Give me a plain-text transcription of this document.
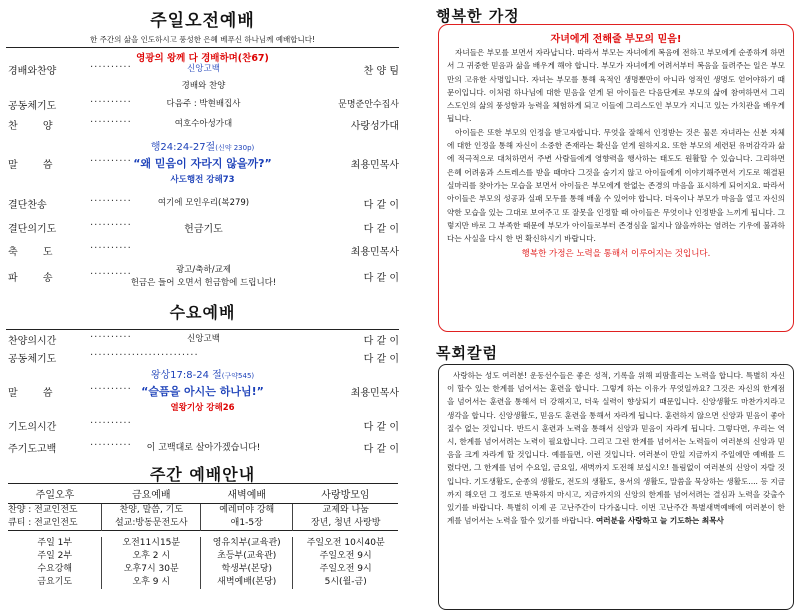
주일오전예배
한 주간의 삶을 인도하시고 풍성한 은혜 베푸신 하나님께 예배합니다!
영광의 왕께 다 경배하며(찬67)
경배와찬양	··········	신앙고백	찬 양 팀
경배와 찬양
공동체기도	··········	다음주 : 박현배집사	문명준안수집사
찬 양	··········	여호수아성가대	사랑성가대
행24:24-27절(신약 230p)
“왜 믿음이 자라지 않을까?”
사도행전 강해73
말 씀	··········	최용민목사
결단찬송	··········	여기에 모인우리(복279)	다 같 이
결단의기도	··········	헌금기도	다 같 이
축 도	··········	최용민목사
파 송	··········	광고/축하/교제
헌금은 들어 오면서 헌금함에 드립니다!	다 같 이
수요예배
찬양의시간	··········	신앙고백	다 같 이
공동체기도	··························	다 같 이
왕상17:8-24 절(구약545)
“슬픔을 아시는 하나님!”
열왕기상 강해26
말 씀	··········	최용민목사
기도의시간	··········	다 같 이
주기도고백	··········	이 고백대로 살아가겠습니다!	다 같 이
주간 예배안내
주일오후	금요예배	새벽예배	사랑방모임
찬양 : 전교인전도	찬양, 말씀, 기도	예레미야 강해	교제와 나눔
큐티 : 전교인전도	설교:방동문전도사	애1-5장	장년, 청년 사랑방

주일 1부	오전11시15분	영유치부(교육관)	주일오전 10시40분
주일 2부	오후 2 시	초등부(교육관)	주일오전 9시
수요강해	오후7시 30분	학생부(본당)	주일오전 9시
금요기도	오후 9 시	새벽예배(본당)	5시(월-금)
행복한 가정
자녀에게 전해줄 부모의 믿음!
자녀들은 부모를 보면서 자라납니다. 따라서 부모는 자녀에게 복음에 전하고 부모에게 순종하게 하면서 그 귀중한 믿음과 삶을 배우게 해야 합니다. 부모가 자녀에게 어려서부터 복음을 들려주는 일은 부모만의 고유한 사명입니다. 자녀는 부모를 통해 육적인 생명뿐만이 아니라 영적인 생명도 얻어야하기 때문이입니다. 이처럼 하나님에 대한 믿음을 얻게 된 아이들은 다음단계로 부모의 삶에 참여하면서 그리스도인의 삶의 풍성함과 능력을 체험하게 되고 이들에 그리스도인 부모가 지니고 있는 가치관을 배우게 됩니다.
아이들은 또한 부모의 인정을 받고자합니다. 무엇을 잘해서 인정받는 것은 물론 자녀라는 신분 자체에 대한 인정을 통해 자신이 소중한 존재라는 확신을 얻게 원하지요. 또한 부모의 세련된 유머감각과 삶에 적극적으로 대처하면서 주변 사람들에게 영향력을 행사하는 태도도 원활할 수 있습니다. 그리하면 은혜 어려움과 스트레스를 받을 때마다 그것을 숨기지 않고 아이들에게 이야기해주면서 기도로 해결된 실마리를 찾아가는 모습을 보면서 아이들은 부모에게 한없는 존경의 마음을 표시하게 되어지요. 따라서 아이들은 부모의 성공과 실패 모두를 통해 배울 수 있어야 합니다. 더욱이나 부모가 마음을 열고 자신의 약한 모습을 있는 그대로 보여주고 또 잘못을 인정할 때 아이들은 무엇이나 인정받을 느끼게 됩니다. 그렇지만 바로 그 부족한 때문에 부모가 아이들로부터 존경심을 잃지나 않을까하는 염려는 기우에 불과하다는 사실을 다시 한 번 확신하시기 바랍니다.
행복한 가정은 노력을 통해서 이루어지는 것입니다.
목회칼럼
사랑하는 성도 여러분! 운동선수들은 좋은 성적, 기록을 위해 피땀흘리는 노력을 합니다. 특별히 자신이 할수 있는 한계를 넘어서는 훈련을 합니다. 그렇게 하는 이유가 무엇일까요? 그것은 자신의 한계점을 넘어서는 훈련을 통해서 더 강해지고, 더욱 실력이 향상되기 때문입니다. 신앙생활도 마찬가지라고 생각을 합니다. 신앙생활도, 믿음도 훈련을 통해서 자라게 됩니다. 훈련하지 않으면 신앙과 믿음이 좋아질수 없는 것입니다. 반드시 훈련과 노력을 통해서 신앙과 믿음이 자라게 됩니다. 그렇다면, 우리는 역시, 한계를 넘어서려는 노력이 필요합니다. 그리고 그런 한계를 넘어서는 노력들이 여러분의 신앙과 믿음을 크게 자라게 할 것입니다. 예를들면, 이런 것입니다. 여러분이 만일 지금까지 주일에만 예배를 드렸다면, 그 한계를 넘어 수요일, 금요일, 새벽까지 도전해 보십시오! 틀림없이 여러분의 신앙이 자랄 것입니다. 기도생활도, 순종의 생활도, 전도의 생활도, 용서의 생활도, 말씀을 묵상하는 생활도.... 등 지금까지 해오던 그 정도로 반복하지 마시고, 지금까지의 신앙의 한계를 넘어서려는 결심과 노력을 갖출수 있기를 바랍니다. 특별히 이제 곧 고난주간이 다가옵니다. 이번 고난주간 특별새벽예배에 여러분이 한계를 넘어서는 노력을 할수 있기를 바랍니다. 여러분을 사랑하고 늘 기도하는 최목사
